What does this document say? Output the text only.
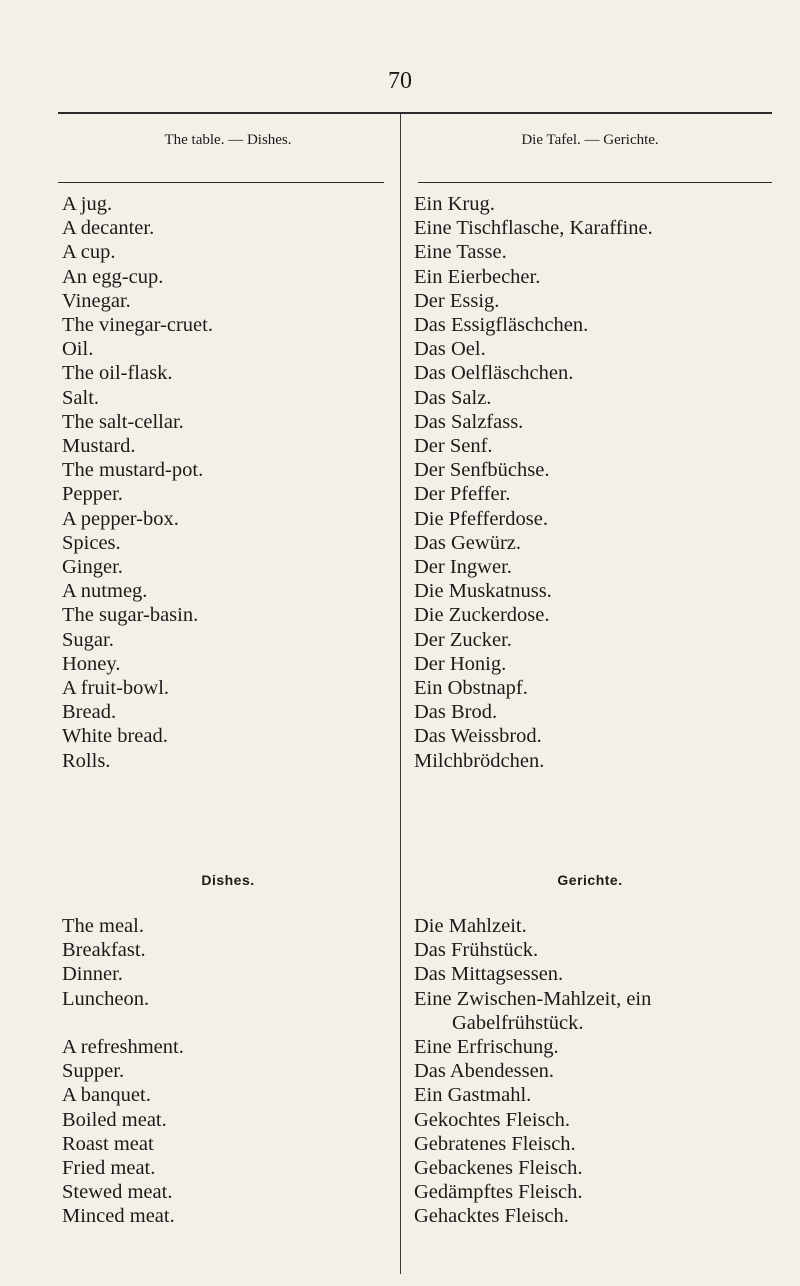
70
The table. — Dishes.	Die Tafel. — Gerichte.
A jug.
A decanter.
A cup.
An egg-cup.
Vinegar.
The vinegar-cruet.
Oil.
The oil-flask.
Salt.
The salt-cellar.
Mustard.
The mustard-pot.
Pepper.
A pepper-box.
Spices.
Ginger.
A nutmeg.
The sugar-basin.
Sugar.
Honey.
A fruit-bowl.
Bread.
White bread.
Rolls.
Ein Krug.
Eine Tischflasche, Karaffine.
Eine Tasse.
Ein Eierbecher.
Der Essig.
Das Essigfläschchen.
Das Oel.
Das Oelfläschchen.
Das Salz.
Das Salzfass.
Der Senf.
Der Senfbüchse.
Der Pfeffer.
Die Pfefferdose.
Das Gewürz.
Der Ingwer.
Die Muskatnuss.
Die Zuckerdose.
Der Zucker.
Der Honig.
Ein Obstnapf.
Das Brod.
Das Weissbrod.
Milchbrödchen.
Dishes.	Gerichte.
The meal.
Breakfast.
Dinner.
Luncheon.

A refreshment.
Supper.
A banquet.
Boiled meat.
Roast meat
Fried meat.
Stewed meat.
Minced meat.
Die Mahlzeit.
Das Frühstück.
Das Mittagsessen.
Eine Zwischen-Mahlzeit, ein
Gabelfrühstück.
Eine Erfrischung.
Das Abendessen.
Ein Gastmahl.
Gekochtes Fleisch.
Gebratenes Fleisch.
Gebackenes Fleisch.
Gedämpftes Fleisch.
Gehacktes Fleisch.
